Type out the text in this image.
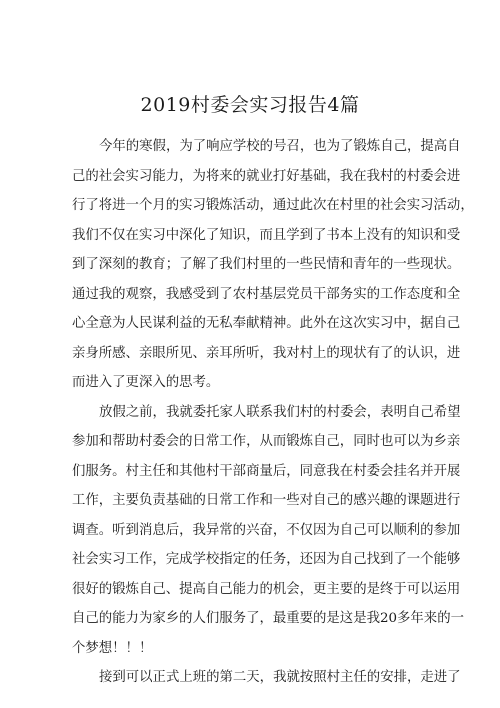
2019村委会实习报告4篇
今年的寒假，为了响应学校的号召，也为了锻炼自己，提高自
己的社会实习能力，为将来的就业打好基础，我在我村的村委会进
行了将进一个月的实习锻炼活动，通过此次在村里的社会实习活动，
我们不仅在实习中深化了知识，而且学到了书本上没有的知识和受
到了深刻的教育；了解了我们村里的一些民情和青年的一些现状。
通过我的观察，我感受到了农村基层党员干部务实的工作态度和全
心全意为人民谋利益的无私奉献精神。此外在这次实习中，据自己
亲身所感、亲眼所见、亲耳所听，我对村上的现状有了的认识，进
而进入了更深入的思考。
放假之前，我就委托家人联系我们村的村委会，表明自己希望
参加和帮助村委会的日常工作，从而锻炼自己，同时也可以为乡亲
们服务。村主任和其他村干部商量后，同意我在村委会挂名并开展
工作，主要负责基础的日常工作和一些对自己的感兴趣的课题进行
调查。听到消息后，我异常的兴奋，不仅因为自己可以顺利的参加
社会实习工作，完成学校指定的任务，还因为自己找到了一个能够
很好的锻炼自己、提高自己能力的机会，更主要的是终于可以运用
自己的能力为家乡的人们服务了，最重要的是这是我20多年来的一
个梦想！！！
接到可以正式上班的第二天，我就按照村主任的安排，走进了
